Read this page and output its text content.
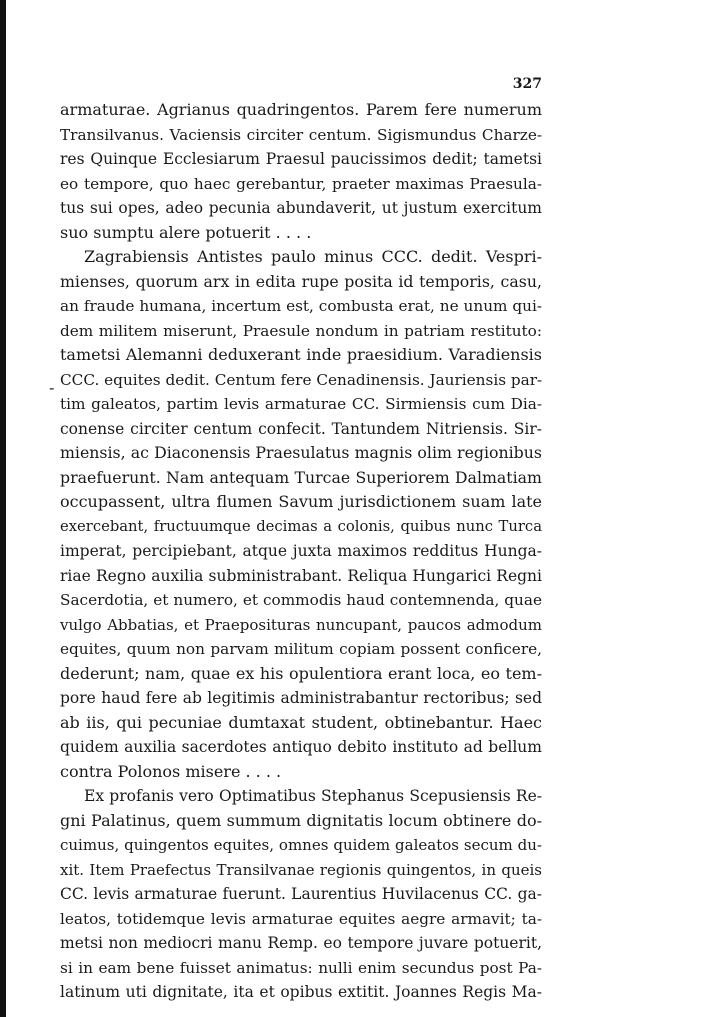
327
-
armaturae. Agrianus quadringentos. Parem fere numerum
Transilvanus. Vaciensis circiter centum. Sigismundus Charze-
res Quinque Ecclesiarum Praesul paucissimos dedit; tametsi
eo tempore, quo haec gerebantur, praeter maximas Praesula-
tus sui opes, adeo pecunia abundaverit, ut justum exercitum
suo sumptu alere potuerit . . . .
Zagrabiensis Antistes paulo minus CCC. dedit. Vespri-
mienses, quorum arx in edita rupe posita id temporis, casu,
an fraude humana, incertum est, combusta erat, ne unum qui-
dem militem miserunt, Praesule nondum in patriam restituto:
tametsi Alemanni deduxerant inde praesidium. Varadiensis
CCC. equites dedit. Centum fere Cenadinensis. Jauriensis par-
tim galeatos, partim levis armaturae CC. Sirmiensis cum Dia-
conense circiter centum confecit. Tantundem Nitriensis. Sir-
miensis, ac Diaconensis Praesulatus magnis olim regionibus
praefuerunt. Nam antequam Turcae Superiorem Dalmatiam
occupassent, ultra flumen Savum jurisdictionem suam late
exercebant, fructuumque decimas a colonis, quibus nunc Turca
imperat, percipiebant, atque juxta maximos redditus Hunga-
riae Regno auxilia subministrabant. Reliqua Hungarici Regni
Sacerdotia, et numero, et commodis haud contemnenda, quae
vulgo Abbatias, et Praeposituras nuncupant, paucos admodum
equites, quum non parvam militum copiam possent conficere,
dederunt; nam, quae ex his opulentiora erant loca, eo tem-
pore haud fere ab legitimis administrabantur rectoribus; sed
ab iis, qui pecuniae dumtaxat student, obtinebantur. Haec
quidem auxilia sacerdotes antiquo debito instituto ad bellum
contra Polonos misere . . . .
Ex profanis vero Optimatibus Stephanus Scepusiensis Re-
gni Palatinus, quem summum dignitatis locum obtinere do-
cuimus, quingentos equites, omnes quidem galeatos secum du-
xit. Item Praefectus Transilvanae regionis quingentos, in queis
CC. levis armaturae fuerunt. Laurentius Huvilacenus CC. ga-
leatos, totidemque levis armaturae equites aegre armavit; ta-
metsi non mediocri manu Remp. eo tempore juvare potuerit,
si in eam bene fuisset animatus: nulli enim secundus post Pa-
latinum uti dignitate, ita et opibus extitit. Joannes Regis Ma-
